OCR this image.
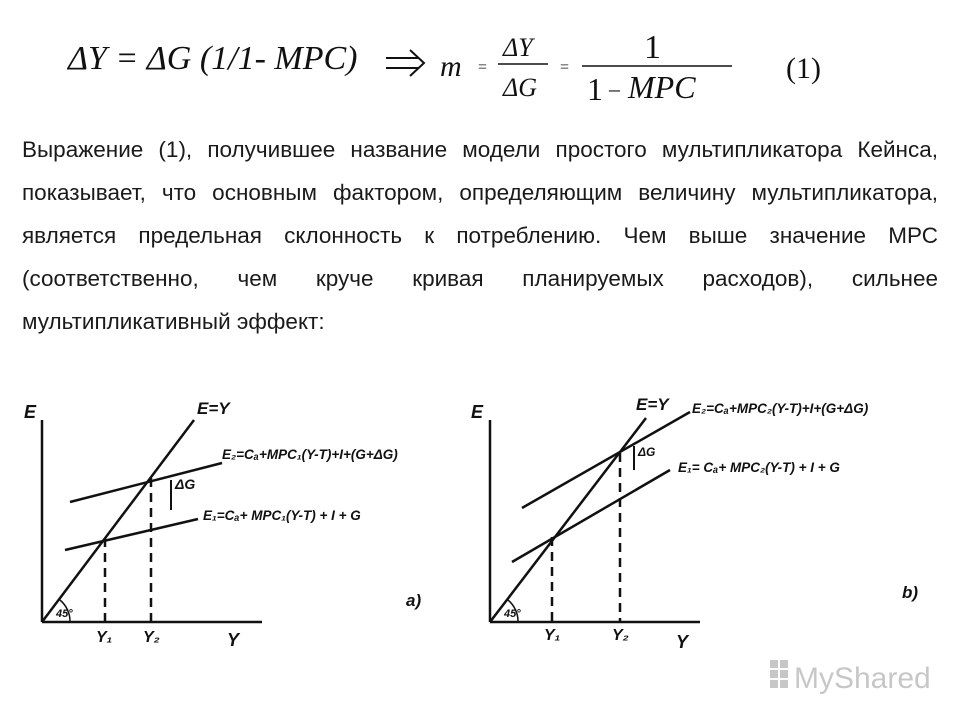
ΔY = ΔG (1/1- MPC)	m =
ΔY
ΔG
=
1
1 – MPC
(1)
Выражение (1), получившее название модели простого мультипликатора Кейнса, показывает, что основным фактором, определяющим величину мультипликатора, является предельная склонность к потреблению. Чем выше значение МРС (соответственно, чем круче кривая планируемых расходов), сильнее мультипликативный эффект:
E
Y
E=Y
E₂=Cₐ+MPC₁(Y-T)+I+(G+ΔG)
E₁=Cₐ+ MPC₁(Y-T) + I + G
ΔG
45°
Y₁ Y₂
a)
E
Y
E=Y E₂=Cₐ+MPC₂(Y-T)+I+(G+ΔG)
E₁= Cₐ+ MPC₂(Y-T) + I + G
ΔG
45°
Y₁	Y₂
b)
MyShared
